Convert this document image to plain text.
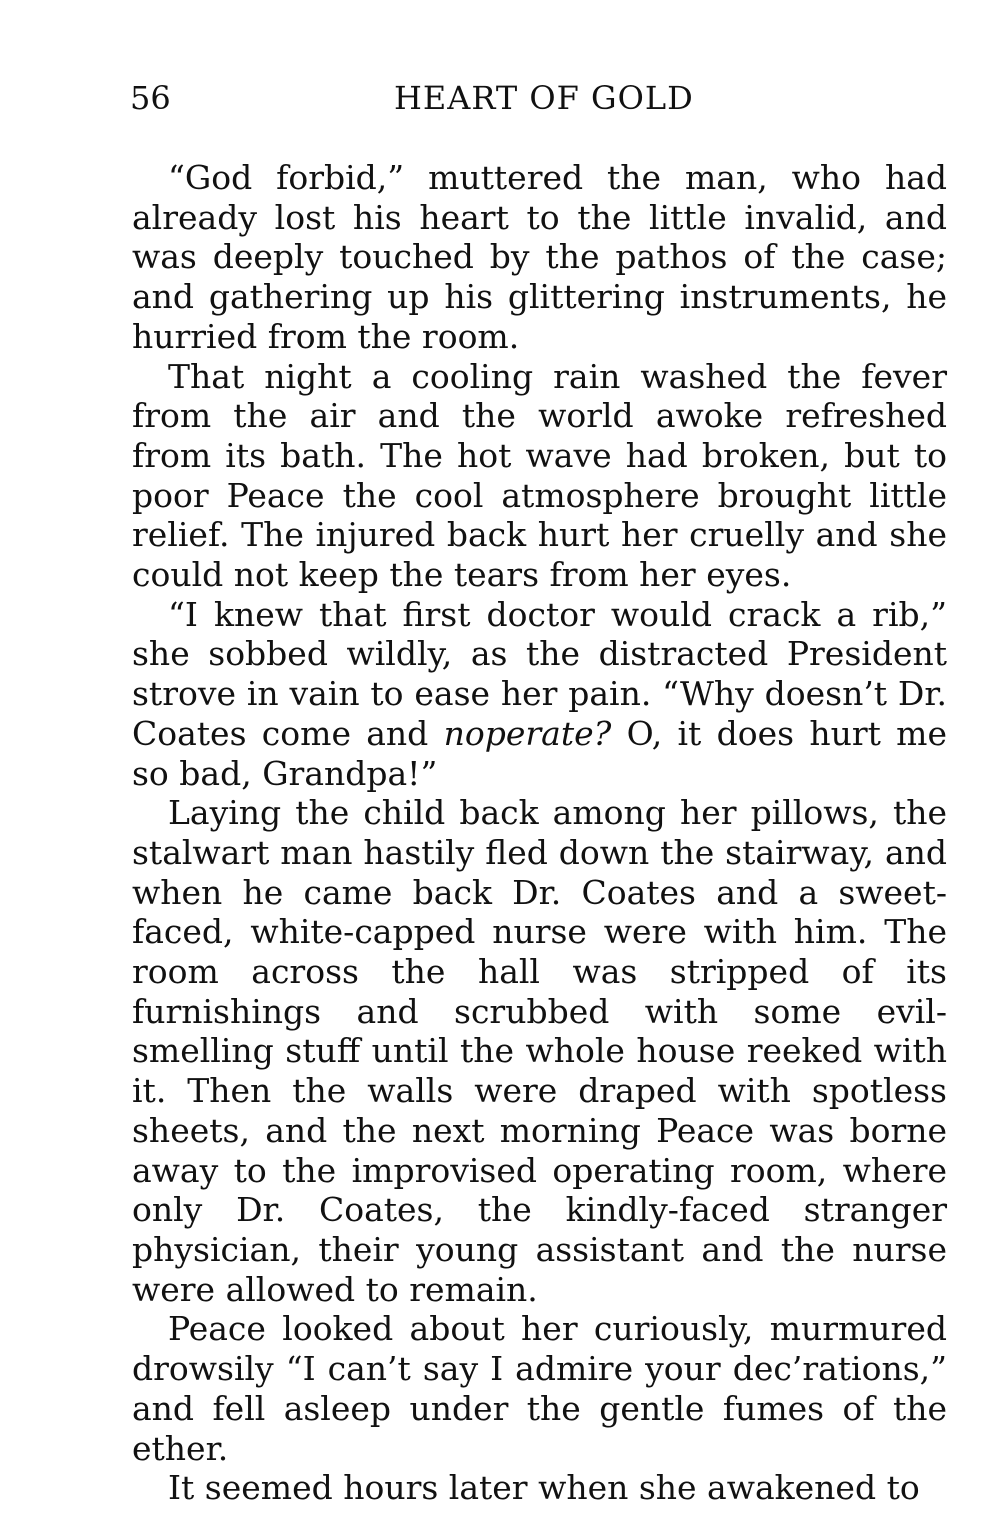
56	HEART OF GOLD

“God forbid,” muttered the man, who had already lost his heart to the little invalid, and was deeply touched by the pathos of the case; and gathering up his glittering instruments, he hurried from the room.

That night a cooling rain washed the fever from the air and the world awoke refreshed from its bath. The hot wave had broken, but to poor Peace the cool atmosphere brought little relief. The injured back hurt her cruelly and she could not keep the tears from her eyes.

“I knew that first doctor would crack a rib,” she sobbed wildly, as the distracted President strove in vain to ease her pain. “Why doesn’t Dr. Coates come and noperate? O, it does hurt me so bad, Grandpa!”

Laying the child back among her pillows, the stalwart man hastily fled down the stairway, and when he came back Dr. Coates and a sweet-faced, white-capped nurse were with him. The room across the hall was stripped of its furnishings and scrubbed with some evil-smelling stuff until the whole house reeked with it. Then the walls were draped with spotless sheets, and the next morning Peace was borne away to the improvised operating room, where only Dr. Coates, the kindly-faced stranger physician, their young assistant and the nurse were allowed to remain.

Peace looked about her curiously, murmured drowsily “I can’t say I admire your dec’rations,” and fell asleep under the gentle fumes of the ether.

It seemed hours later when she awakened to
